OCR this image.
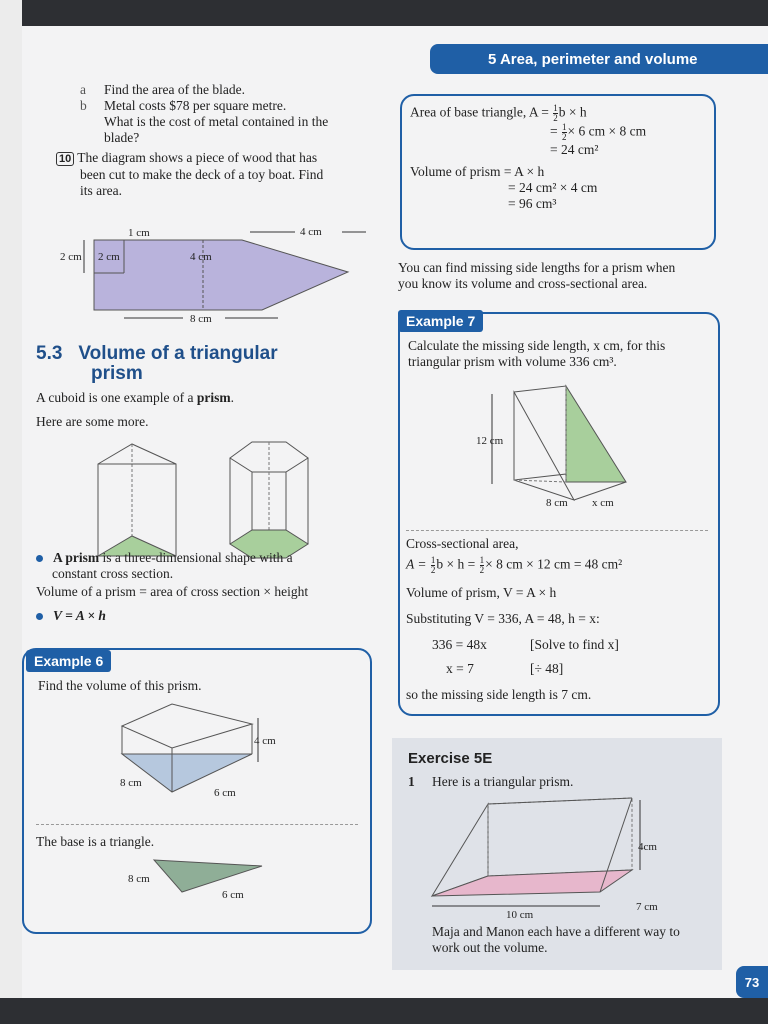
5 Area, perimeter and volume
a Find the area of the blade.
b Metal costs $78 per square metre.
What is the cost of metal contained in the
blade?
10 The diagram shows a piece of wood that has
been cut to make the deck of a toy boat. Find
its area.
1 cm	4 cm
2 cm 2 cm	4 cm
8 cm
5.3 Volume of a triangular
prism
A cuboid is one example of a prism.
Here are some more.
A prism is a three-dimensional shape with a
constant cross section.
Volume of a prism = area of cross section × height
V = A × h
Example 6
Find the volume of this prism.
4 cm
8 cm
6 cm
The base is a triangle.
8 cm
6 cm
Area of base triangle, $A = \frac{1}{2}$ b × h
= $\frac{1}{2} \times 6$ cm × 8 cm
= 24 cm²
Volume of prism = A × h
= 24 cm² × 4 cm
= 96 cm³
You can find missing side lengths for a prism when
you know its volume and cross-sectional area.
Example 7
Calculate the missing side length, x cm, for this
triangular prism with volume 336 cm³.
12 cm
8 cm x cm
Cross-sectional area,
$A = \frac{1}{2}$ $b \times h = \frac{1}{2} \times 8$ cm × 12 cm = 48 cm²
Volume of prism, V = A × h
Substituting V = 336, A = 48, h = x:
336 = 48x	[Solve to find x]
x = 7	[÷ 48]
so the missing side length is 7 cm.
Exercise 5E
1 Here is a triangular prism.
4cm
7 cm
10 cm
Maja and Manon each have a different way to
work out the volume.
73
